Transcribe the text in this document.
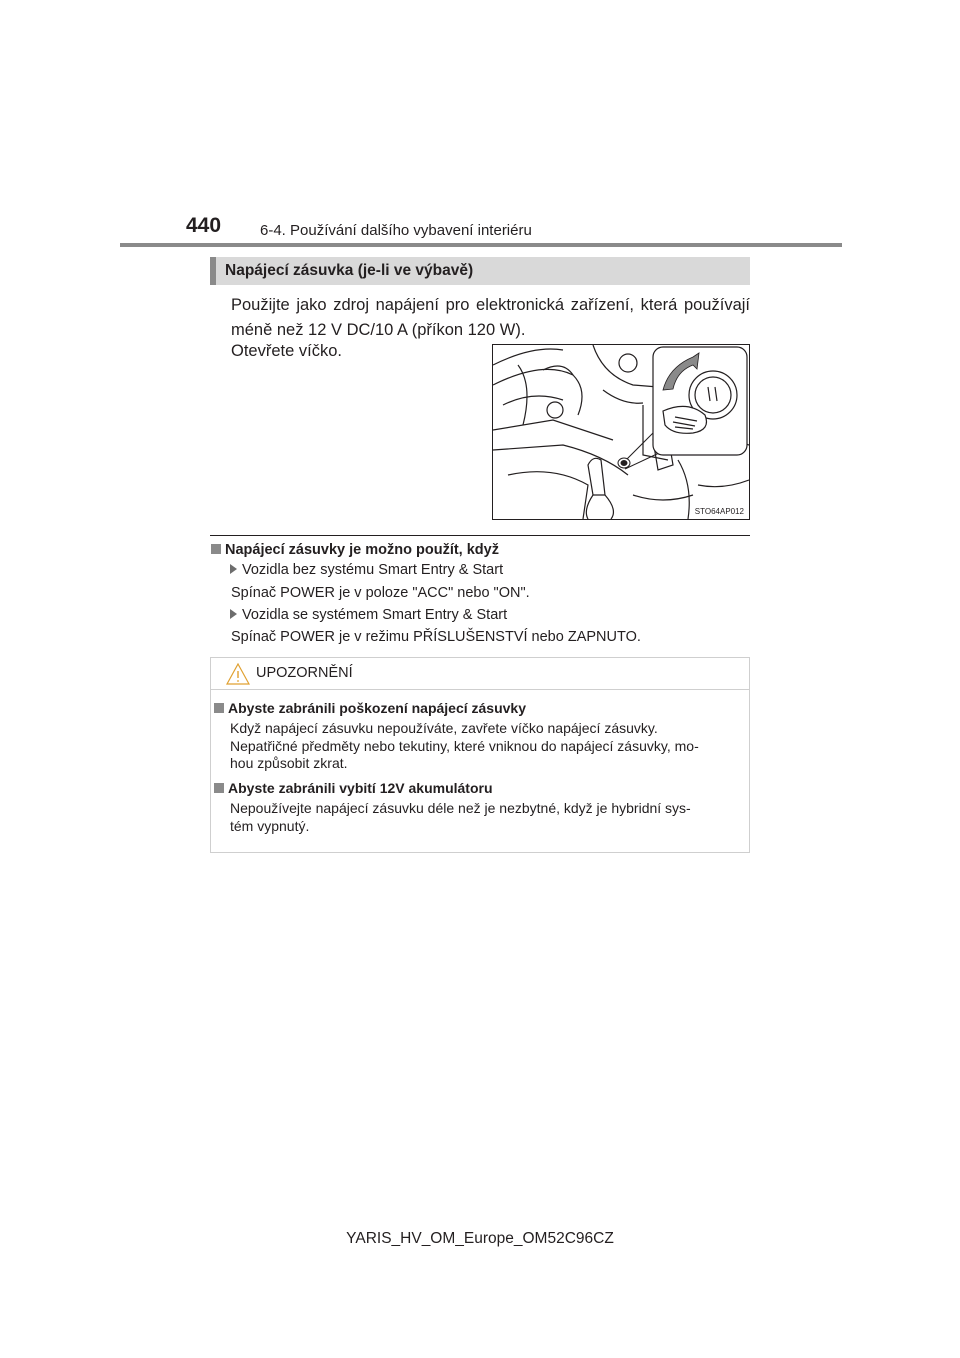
440	6-4. Používání dalšího vybavení interiéru
Napájecí zásuvka (je-li ve výbavě)
Použijte jako zdroj napájení pro elektronická zařízení, která používají méně než 12 V DC/10 A (příkon 120 W).
Otevřete víčko.
STO64AP012
Napájecí zásuvky je možno použít, když
Vozidla bez systému Smart Entry & Start
Spínač POWER je v poloze "ACC" nebo "ON".
Vozidla se systémem Smart Entry & Start
Spínač POWER je v režimu PŘÍSLUŠENSTVÍ nebo ZAPNUTO.
UPOZORNĚNÍ
Abyste zabránili poškození napájecí zásuvky
Když napájecí zásuvku nepoužíváte, zavřete víčko napájecí zásuvky.
Nepatřičné předměty nebo tekutiny, které vniknou do napájecí zásuvky, mo-
hou způsobit zkrat.
Abyste zabránili vybití 12V akumulátoru
Nepoužívejte napájecí zásuvku déle než je nezbytné, když je hybridní sys-
tém vypnutý.
YARIS_HV_OM_Europe_OM52C96CZ
